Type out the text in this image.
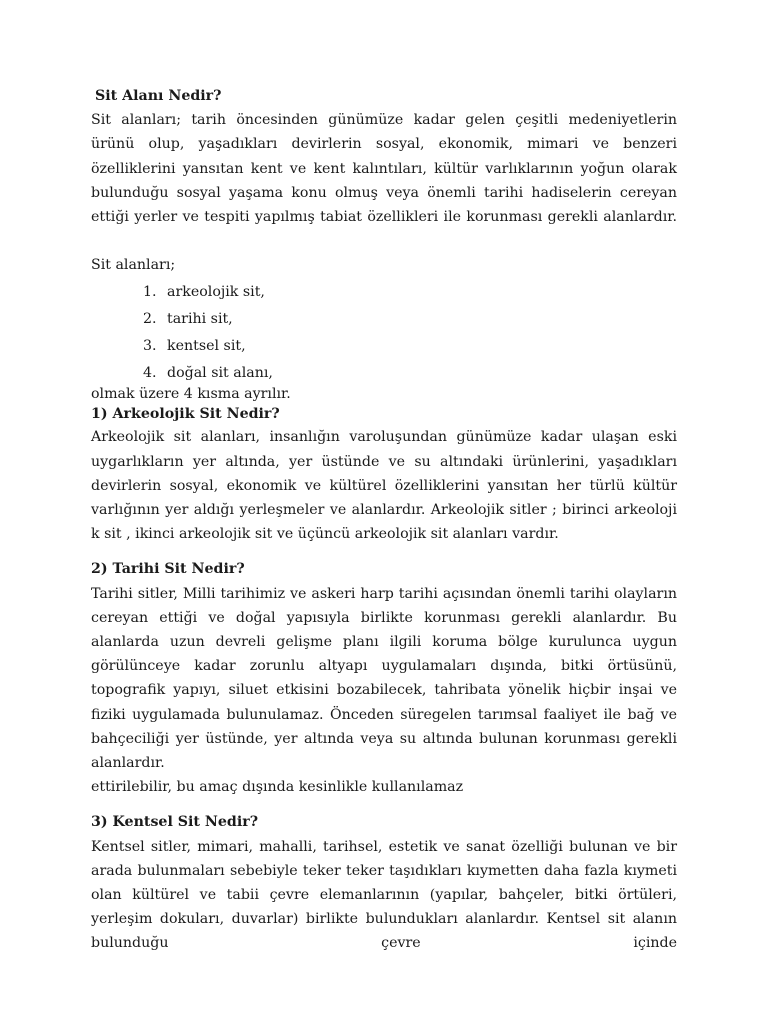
Sit Alanı Nedir?

Sit alanları; tarih öncesinden günümüze kadar gelen çeşitli medeniyetlerin ürünü olup, yaşadıkları devirlerin sosyal, ekonomik, mimari ve benzeri özelliklerini yansıtan kent ve kent kalıntıları, kültür varlıklarının yoğun olarak bulunduğu sosyal yaşama konu olmuş veya önemli tarihi hadiselerin cereyan ettiği yerler ve tespiti yapılmış tabiat özellikleri ile korunması gerekli alanlardır.

Sit alanları;

1. arkeolojik sit,
2. tarihi sit,
3. kentsel sit,
4. doğal sit alanı,

olmak üzere 4 kısma ayrılır.

1) Arkeolojik Sit Nedir?

Arkeolojik sit alanları, insanlığın varoluşundan günümüze kadar ulaşan eski uygarlıkların yer altında, yer üstünde ve su altındaki ürünlerini, yaşadıkları devirlerin sosyal, ekonomik ve kültürel özelliklerini yansıtan her türlü kültür varlığının yer aldığı yerleşmeler ve alanlardır. Arkeolojik sitler ; birinci arkeoloji k sit , ikinci arkeolojik sit ve üçüncü arkeolojik sit alanları vardır.

2) Tarihi Sit Nedir?

Tarihi sitler, Milli tarihimiz ve askeri harp tarihi açısından önemli tarihi olayların cereyan ettiği ve doğal yapısıyla birlikte korunması gerekli alanlardır. Bu alanlarda uzun devreli gelişme planı ilgili koruma bölge kurulunca uygun görülünceye kadar zorunlu altyapı uygulamaları dışında, bitki örtüsünü, topografik yapıyı, siluet etkisini bozabilecek, tahribata yönelik hiçbir inşai ve fiziki uygulamada bulunulamaz. Önceden süregelen tarımsal faaliyet ile bağ ve bahçeciliği yer üstünde, yer altında veya su altında bulunan korunması gerekli alanlardır.

ettirilebilir, bu amaç dışında kesinlikle kullanılamaz

3) Kentsel Sit Nedir?

Kentsel sitler, mimari, mahalli, tarihsel, estetik ve sanat özelliği bulunan ve bir arada bulunmaları sebebiyle teker teker taşıdıkları kıymetten daha fazla kıymeti olan kültürel ve tabii çevre elemanlarının (yapılar, bahçeler, bitki örtüleri, yerleşim dokuları, duvarlar) birlikte bulundukları alanlardır. Kentsel sit alanın bulunduğu çevre içinde
